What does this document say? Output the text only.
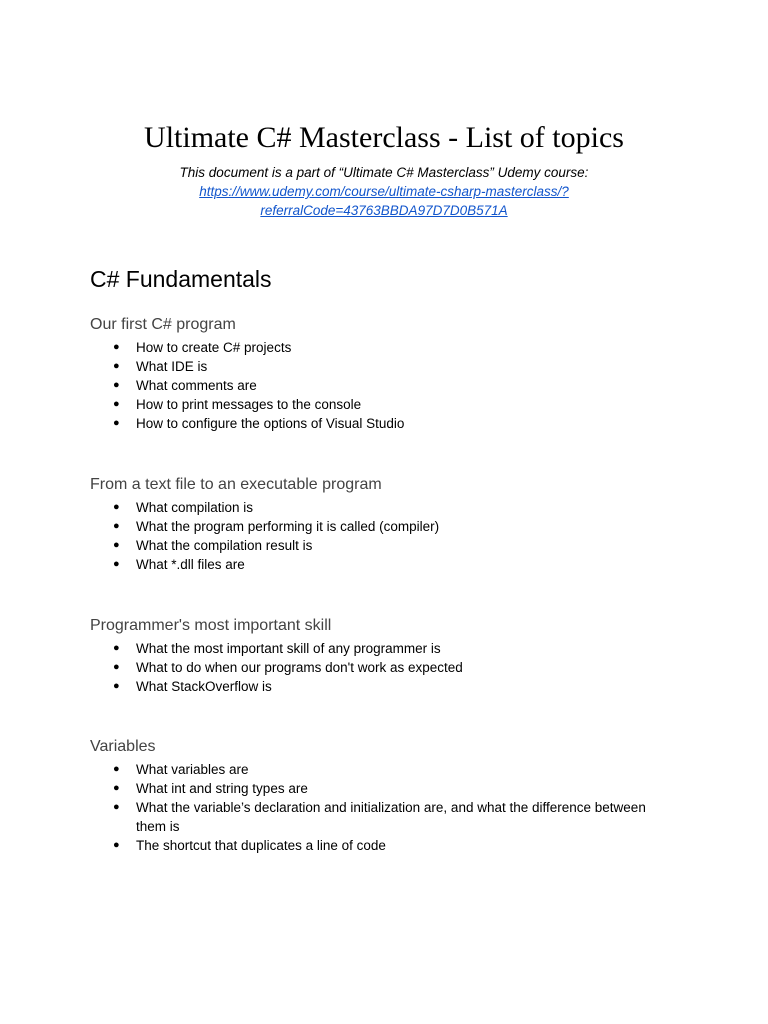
Ultimate C# Masterclass - List of topics
This document is a part of “Ultimate C# Masterclass” Udemy course:
https://www.udemy.com/course/ultimate-csharp-masterclass/?
referralCode=43763BBDA97D7D0B571A
C# Fundamentals
Our first C# program
● How to create C# projects
● What IDE is
● What comments are
● How to print messages to the console
● How to configure the options of Visual Studio
From a text file to an executable program
● What compilation is
● What the program performing it is called (compiler)
● What the compilation result is
● What *.dll files are
Programmer's most important skill
● What the most important skill of any programmer is
● What to do when our programs don't work as expected
● What StackOverflow is
Variables
● What variables are
● What int and string types are
● What the variable’s declaration and initialization are, and what the difference between them is
● The shortcut that duplicates a line of code
